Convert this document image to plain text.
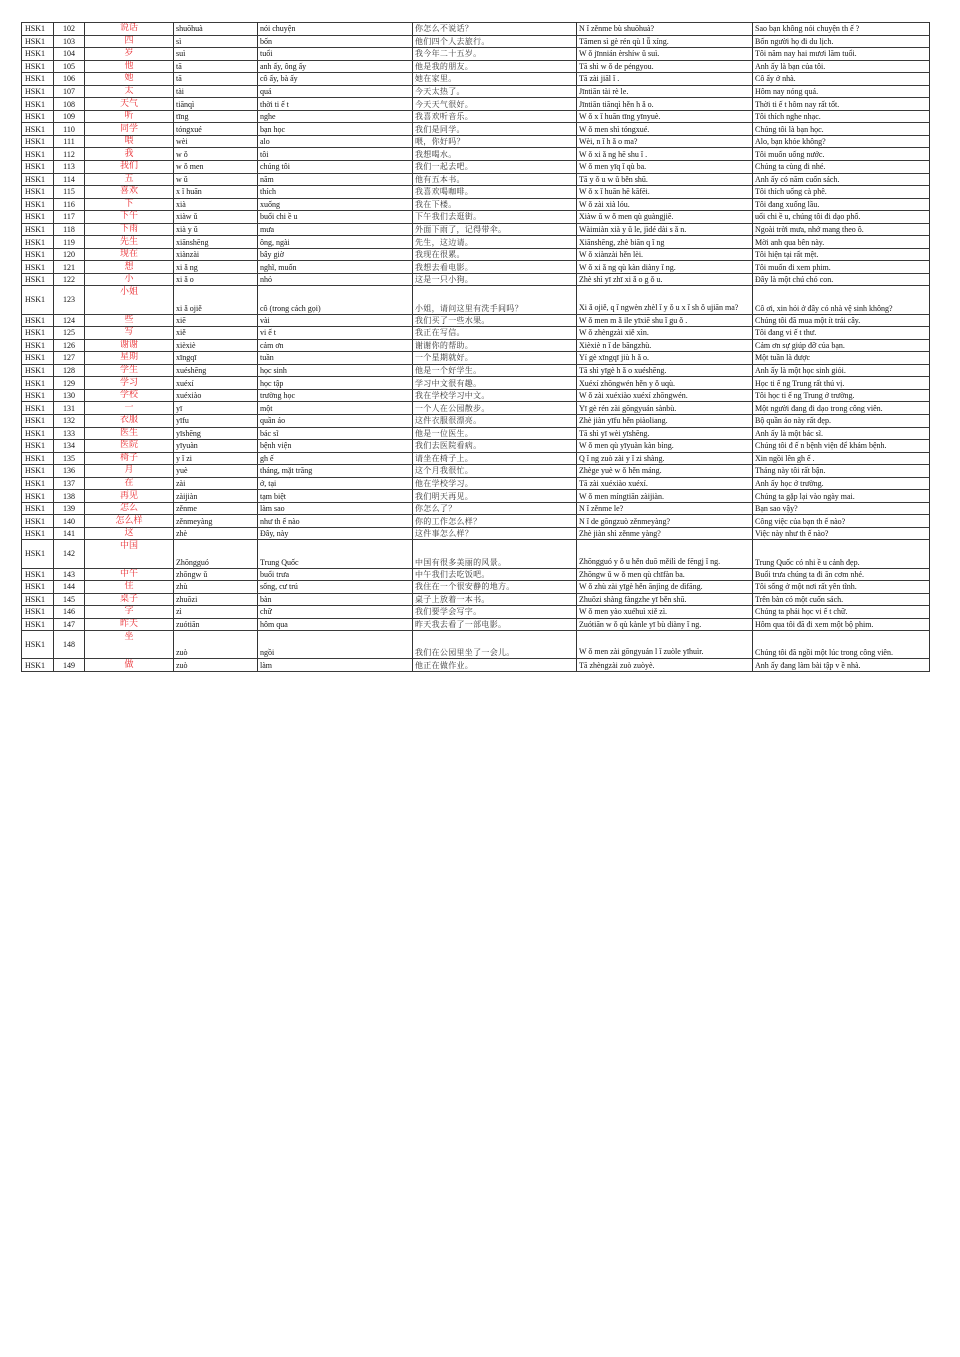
HSK1	102	说话	shuōhuà	nói chuyện	你怎么不说话？	N ǐ zěnme bù shuōhuà?	Sao bạn không nói chuyện th ế ?
HSK1	103	四	sì	bốn	他们四个人去旅行。	Tāmen sì gè rén qù l ǚ xíng.	Bốn người họ đi du lịch.
HSK1	104	岁	suì	tuổi	我今年二十五岁。	W ǒ jīnnián èrshíw ǔ suì.	Tôi năm nay hai mươi lăm tuổi.
HSK1	105	他	tā	anh ấy, ông ấy	他是我的朋友。	Tā shì w ǒ de péngyou.	Anh ấy là bạn của tôi.
HSK1	106	她	tā	cô ấy, bà ấy	她在家里。	Tā zài jiāl ǐ .	Cô ấy ở nhà.
HSK1	107	太	tài	quá	今天太热了。	Jīntiān tài rè le.	Hôm nay nóng quá.
HSK1	108	天气	tiānqì	thời ti ế t	今天天气很好。	Jīntiān tiānqì hěn h ǎ o.	Thời ti ế t hôm nay rất tốt.
HSK1	109	听	tīng	nghe	我喜欢听音乐。	W ǒ x ǐ huān tīng yīnyuè.	Tôi thích nghe nhạc.
HSK1	110	同学	tóngxué	bạn học	我们是同学。	W ǒ men shì tóngxué.	Chúng tôi là bạn học.
HSK1	111	喂	wèi	alo	喂，你好吗？	Wèi, n ǐ h ǎ o ma?	Alo, bạn khỏe không?
HSK1	112	我	w ǒ	tôi	我想喝水。	W ǒ xi ǎ ng hē shu ǐ .	Tôi muốn uống nước.
HSK1	113	我们	w ǒ men	chúng tôi	我们一起去吧。	W ǒ men yīq ǐ qù ba.	Chúng ta cùng đi nhé.
HSK1	114	五	w ǔ	năm	他有五本书。	Tā y ǒ u w ǔ běn shū.	Anh ấy có năm cuốn sách.
HSK1	115	喜欢	x ǐ huān	thích	我喜欢喝咖啡。	W ǒ x ǐ huān hē kāfēi.	Tôi thích uống cà phê.
HSK1	116	下	xià	xuống	我在下楼。	W ǒ zài xià lóu.	Tôi đang xuống lầu.
HSK1	117	下午	xiàw ǔ	buổi chi ề u	下午我们去逛街。	Xiàw ǔ w ǒ men qù guàngjiē.	uổi chi ề u, chúng tôi đi dạo phố.
HSK1	118	下雨	xià y ǔ	mưa	外面下雨了，记得带伞。	Wàimiàn xià y ǔ le, jìdé dài s ǎ n.	Ngoài trời mưa, nhớ mang theo ô.
HSK1	119	先生	xiānshēng	ông, ngài	先生，这边请。	Xiānshēng, zhè biān q ǐ ng	Mời anh qua bên này.
HSK1	120	现在	xiànzài	bây giờ	我现在很累。	W ǒ xiànzài hěn lèi.	Tôi hiện tại rất mệt.
HSK1	121	想	xi ǎ ng	nghĩ, muốn	我想去看电影。	W ǒ xi ǎ ng qù kàn diàny ǐ ng.	Tôi muốn đi xem phim.
HSK1	122	小	xi ǎ o	nhỏ	这是一只小狗。	Zhè shì yī zhī xi ǎ o g ǒ u.	Đây là một chú chó con.
HSK1	123	小姐	xi ǎ ojiě	cô (trong cách gọi)	小姐，请问这里有洗手间吗？	Xi ǎ ojiě, q ǐ ngwèn zhèl ǐ y ǒ u x ǐ sh ǒ ujiān ma?	Cô ơi, xin hỏi ở đây có nhà vệ sinh không?
HSK1	124	些	xiē	vài	我们买了一些水果。	W ǒ men m ǎ ile yīxiē shu ǐ gu ǒ .	Chúng tôi đã mua một ít trái cây.
HSK1	125	写	xiě	vi ế t	我正在写信。	W ǒ zhèngzài xiě xìn.	Tôi đang vi ế t thư.
HSK1	126	谢谢	xièxiè	cảm ơn	谢谢你的帮助。	Xièxiè n ǐ de bāngzhù.	Cảm ơn sự giúp đỡ của bạn.
HSK1	127	星期	xīngqī	tuần	一个星期就好。	Yí gè xīngqī jiù h ǎ o.	Một tuần là được
HSK1	128	学生	xuéshēng	học sinh	他是一个好学生。	Tā shì yīgè h ǎ o xuéshēng.	Anh ấy là một học sinh giỏi.
HSK1	129	学习	xuéxí	học tập	学习中文很有趣。	Xuéxí zhōngwén hěn y ǒ uqù.	Học ti ế ng Trung rất thú vị.
HSK1	130	学校	xuéxiào	trường học	我在学校学习中文。	W ǒ zài xuéxiào xuéxí zhōngwén.	Tôi học ti ế ng Trung ở trường.
HSK1	131	一	yī	một	一个人在公园散步。	Yī gè rén zài gōngyuán sànbù.	Một người đang đi dạo trong công viên.
HSK1	132	衣服	yīfu	quần áo	这件衣服很漂亮。	Zhè jiàn yīfu hěn piàoliang.	Bộ quần áo này rất đẹp.
HSK1	133	医生	yīshēng	bác sĩ	他是一位医生。	Tā shì yī wèi yīshēng.	Anh ấy là một bác sĩ.
HSK1	134	医院	yīyuàn	bệnh viện	我们去医院看病。	W ǒ men qù yīyuàn kàn bìng.	Chúng tôi đ ế n bệnh viện để khám bệnh.
HSK1	135	椅子	y ǐ zi	gh ế	请坐在椅子上。	Q ǐ ng zuò zài y ǐ zi shàng.	Xin ngồi lên gh ế .
HSK1	136	月	yuè	tháng, mặt trăng	这个月我很忙。	Zhège yuè w ǒ hěn máng.	Tháng này tôi rất bận.
HSK1	137	在	zài	ở, tại	他在学校学习。	Tā zài xuéxiào xuéxí.	Anh ấy học ở trường.
HSK1	138	再见	zàijiàn	tạm biệt	我们明天再见。	W ǒ men míngtiān zàijiàn.	Chúng ta gặp lại vào ngày mai.
HSK1	139	怎么	zěnme	làm sao	你怎么了？	N ǐ zěnme le?	Bạn sao vậy?
HSK1	140	怎么样	zěnmeyàng	như th ế nào	你的工作怎么样？	N ǐ de gōngzuò zěnmeyàng?	Công việc của bạn th ế nào?
HSK1	141	这	zhè	Đây, này	这件事怎么样？	Zhè jiàn shì zěnme yàng?	Việc này như th ế nào?
HSK1	142	中国	Zhōngguó	Trung Quốc	中国有很多美丽的风景。	Zhōngguó y ǒ u hěn duō měilì de fēngj ǐ ng.	Trung Quốc có nhi ề u cảnh đẹp.
HSK1	143	中午	zhōngw ǔ	buổi trưa	中午我们去吃饭吧。	Zhōngw ǔ w ǒ men qù chīfàn ba.	Buổi trưa chúng ta đi ăn cơm nhé.
HSK1	144	住	zhù	sống, cư trú	我住在一个很安静的地方。	W ǒ zhù zài yīgè hěn ānjìng de dìfāng.	Tôi sống ở một nơi rất yên tĩnh.
HSK1	145	桌子	zhuōzi	bàn	桌子上放着一本书。	Zhuōzi shàng fàngzhe yī běn shū.	Trên bàn có một cuốn sách.
HSK1	146	字	zì	chữ	我们要学会写字。	W ǒ men yào xuéhuì xiě zì.	Chúng ta phải học vi ế t chữ.
HSK1	147	昨天	zuótiān	hôm qua	昨天我去看了一部电影。	Zuótiān w ǒ qù kànle yī bù diàny ǐ ng.	Hôm qua tôi đã đi xem một bộ phim.
HSK1	148	坐	zuò	ngồi	我们在公园里坐了一会儿。	W ǒ men zài gōngyuán l ǐ zuòle yīhuìr.	Chúng tôi đã ngồi một lúc trong công viên.
HSK1	149	做	zuò	làm	他正在做作业。	Tā zhèngzài zuò zuòyè.	Anh ấy đang làm bài tập v ề nhà.
